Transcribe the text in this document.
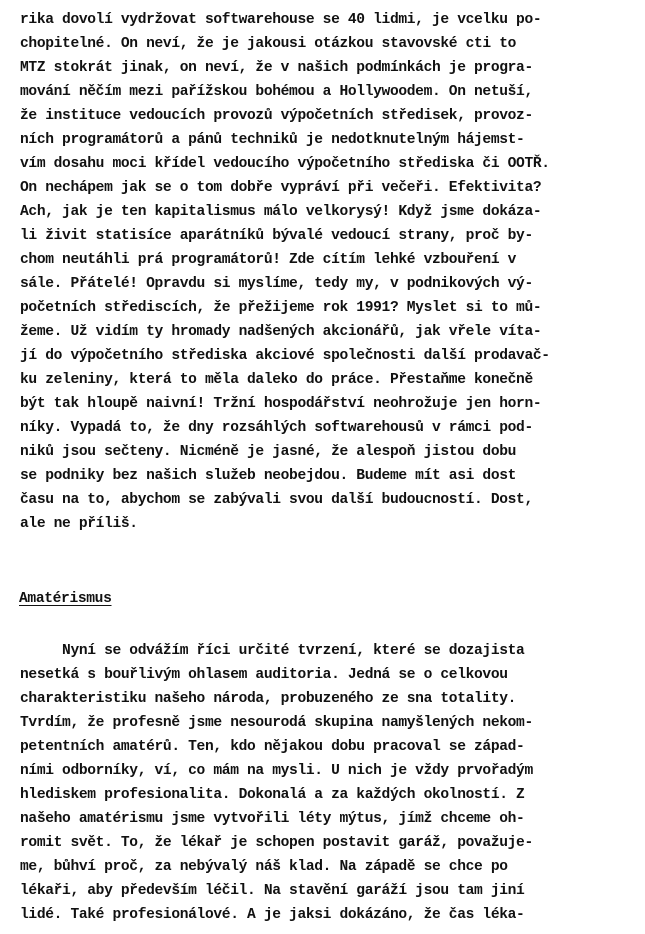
rika dovolí vydržovat softwarehouse se 40 lidmi, je vcelku po-
chopitelné. On neví, že je jakousi otázkou stavovské cti to
MTZ stokrát jinak, on neví, že v našich podmínkách je progra-
mování něčím mezi pařížskou bohémou a Hollywoodem. On netuší,
že instituce vedoucích provozů výpočetních středisek, provoz-
ních programátorů a pánů techniků je nedotknutelným hájemst-
vím dosahu moci křídel vedoucího výpočetního střediska či OOTŘ.
On nechápem jak se o tom dobře vypráví při večeři. Efektivita?
Ach, jak je ten kapitalismus málo velkorysý! Když jsme dokáza-
li živit statisíce aparátníků bývalé vedoucí strany, proč by-
chom neutáhli prá programátorů! Zde cítím lehké vzbouření v
sále. Přátelé! Opravdu si myslíme, tedy my, v podnikových vý-
početních střediscích, že přežijeme rok 1991? Myslet si to mů-
žeme. Už vidím ty hromady nadšených akcionářů, jak vřele víta-
jí do výpočetního střediska akciové společnosti další prodavač-
ku zeleniny, která to měla daleko do práce. Přestaňme konečně
být tak hloupě naivní! Tržní hospodářství neohrožuje jen horn-
níky. Vypadá to, že dny rozsáhlých softwarehousů v rámci pod-
niků jsou sečteny. Nicméně je jasné, že alespoň jistou dobu
se podniky bez našich služeb neobejdou. Budeme mít asi dost
času na to, abychom se zabývali svou další budoucností. Dost,
ale ne příliš.
Amatérismus
Nyní se odvážím říci určité tvrzení, které se dozajista
nesetká s bouřlivým ohlasem auditoria. Jedná se o celkovou
charakteristiku našeho národa, probuzeného ze sna totality.
Tvrdím, že profesně jsme nesourodá skupina namyšlených nekom-
petentních amatérů. Ten, kdo nějakou dobu pracoval se západ-
ními odborníky, ví, co mám na mysli. U nich je vždy prvořadým
hlediskem profesionalita. Dokonalá a za každých okolností. Z
našeho amatérismu jsme vytvořili léty mýtus, jímž chceme oh-
romit svět. To, že lékař je schopen postavit garáž, považuje-
me, bůhví proč, za nebývalý náš klad. Na západě se chce po
lékaři, aby především léčil. Na stavění garáží jsou tam jiní
lidé. Také profesionálové. A je jaksi dokázáno, že čas léka-
